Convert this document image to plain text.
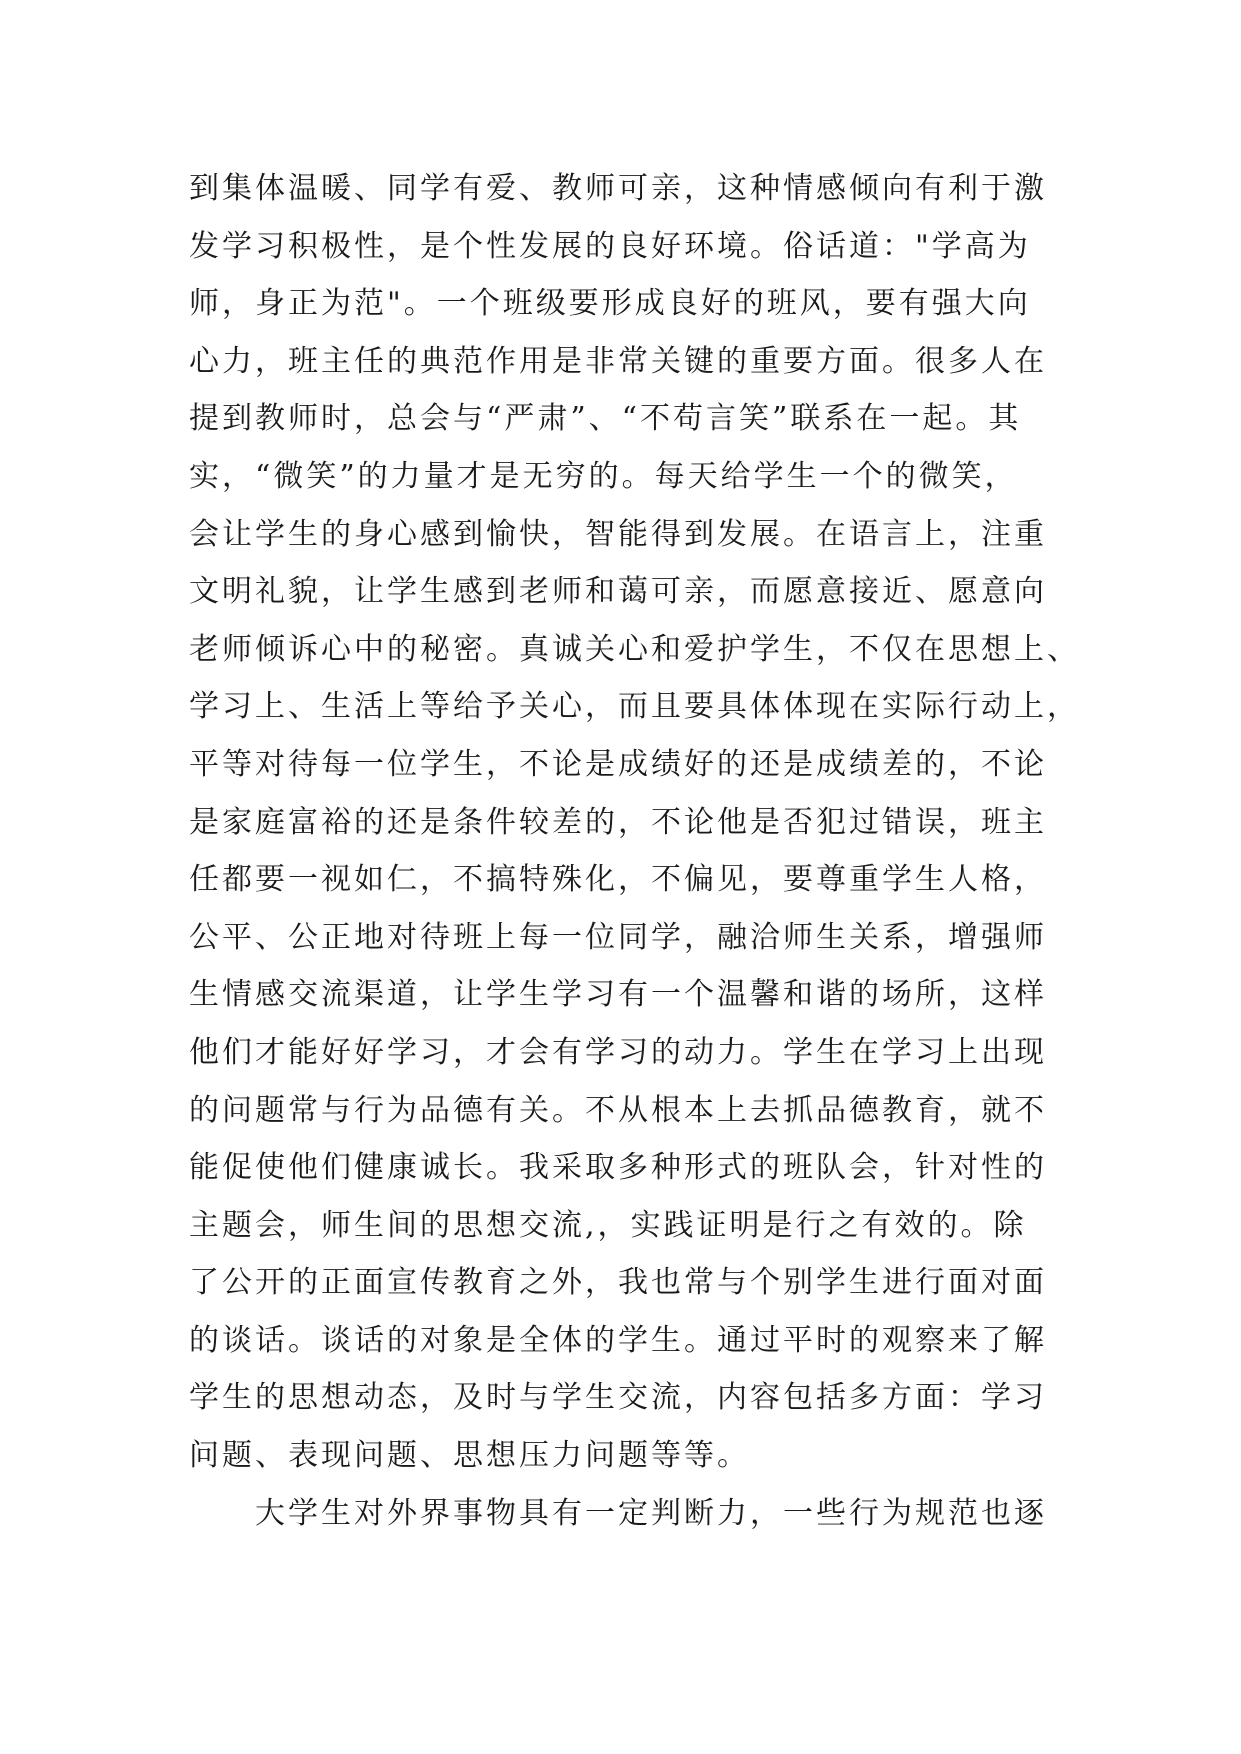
到集体温暖、同学有爱、教师可亲，这种情感倾向有利于激
发学习积极性，是个性发展的良好环境。俗话道："学高为
师，身正为范"。一个班级要形成良好的班风，要有强大向
心力，班主任的典范作用是非常关键的重要方面。很多人在
提到教师时，总会与“严肃”、“不苟言笑”联系在一起。其
实，“微笑”的力量才是无穷的。每天给学生一个的微笑，
会让学生的身心感到愉快，智能得到发展。在语言上，注重
文明礼貌，让学生感到老师和蔼可亲，而愿意接近、愿意向
老师倾诉心中的秘密。真诚关心和爱护学生，不仅在思想上、
学习上、生活上等给予关心，而且要具体体现在实际行动上，
平等对待每一位学生，不论是成绩好的还是成绩差的，不论
是家庭富裕的还是条件较差的，不论他是否犯过错误，班主
任都要一视如仁，不搞特殊化，不偏见，要尊重学生人格，
公平、公正地对待班上每一位同学，融洽师生关系，增强师
生情感交流渠道，让学生学习有一个温馨和谐的场所，这样
他们才能好好学习，才会有学习的动力。学生在学习上出现
的问题常与行为品德有关。不从根本上去抓品德教育，就不
能促使他们健康诚长。我采取多种形式的班队会，针对性的
主题会，师生间的思想交流,，实践证明是行之有效的。除
了公开的正面宣传教育之外，我也常与个别学生进行面对面
的谈话。谈话的对象是全体的学生。通过平时的观察来了解
学生的思想动态，及时与学生交流，内容包括多方面：学习
问题、表现问题、思想压力问题等等。
大学生对外界事物具有一定判断力，一些行为规范也逐
